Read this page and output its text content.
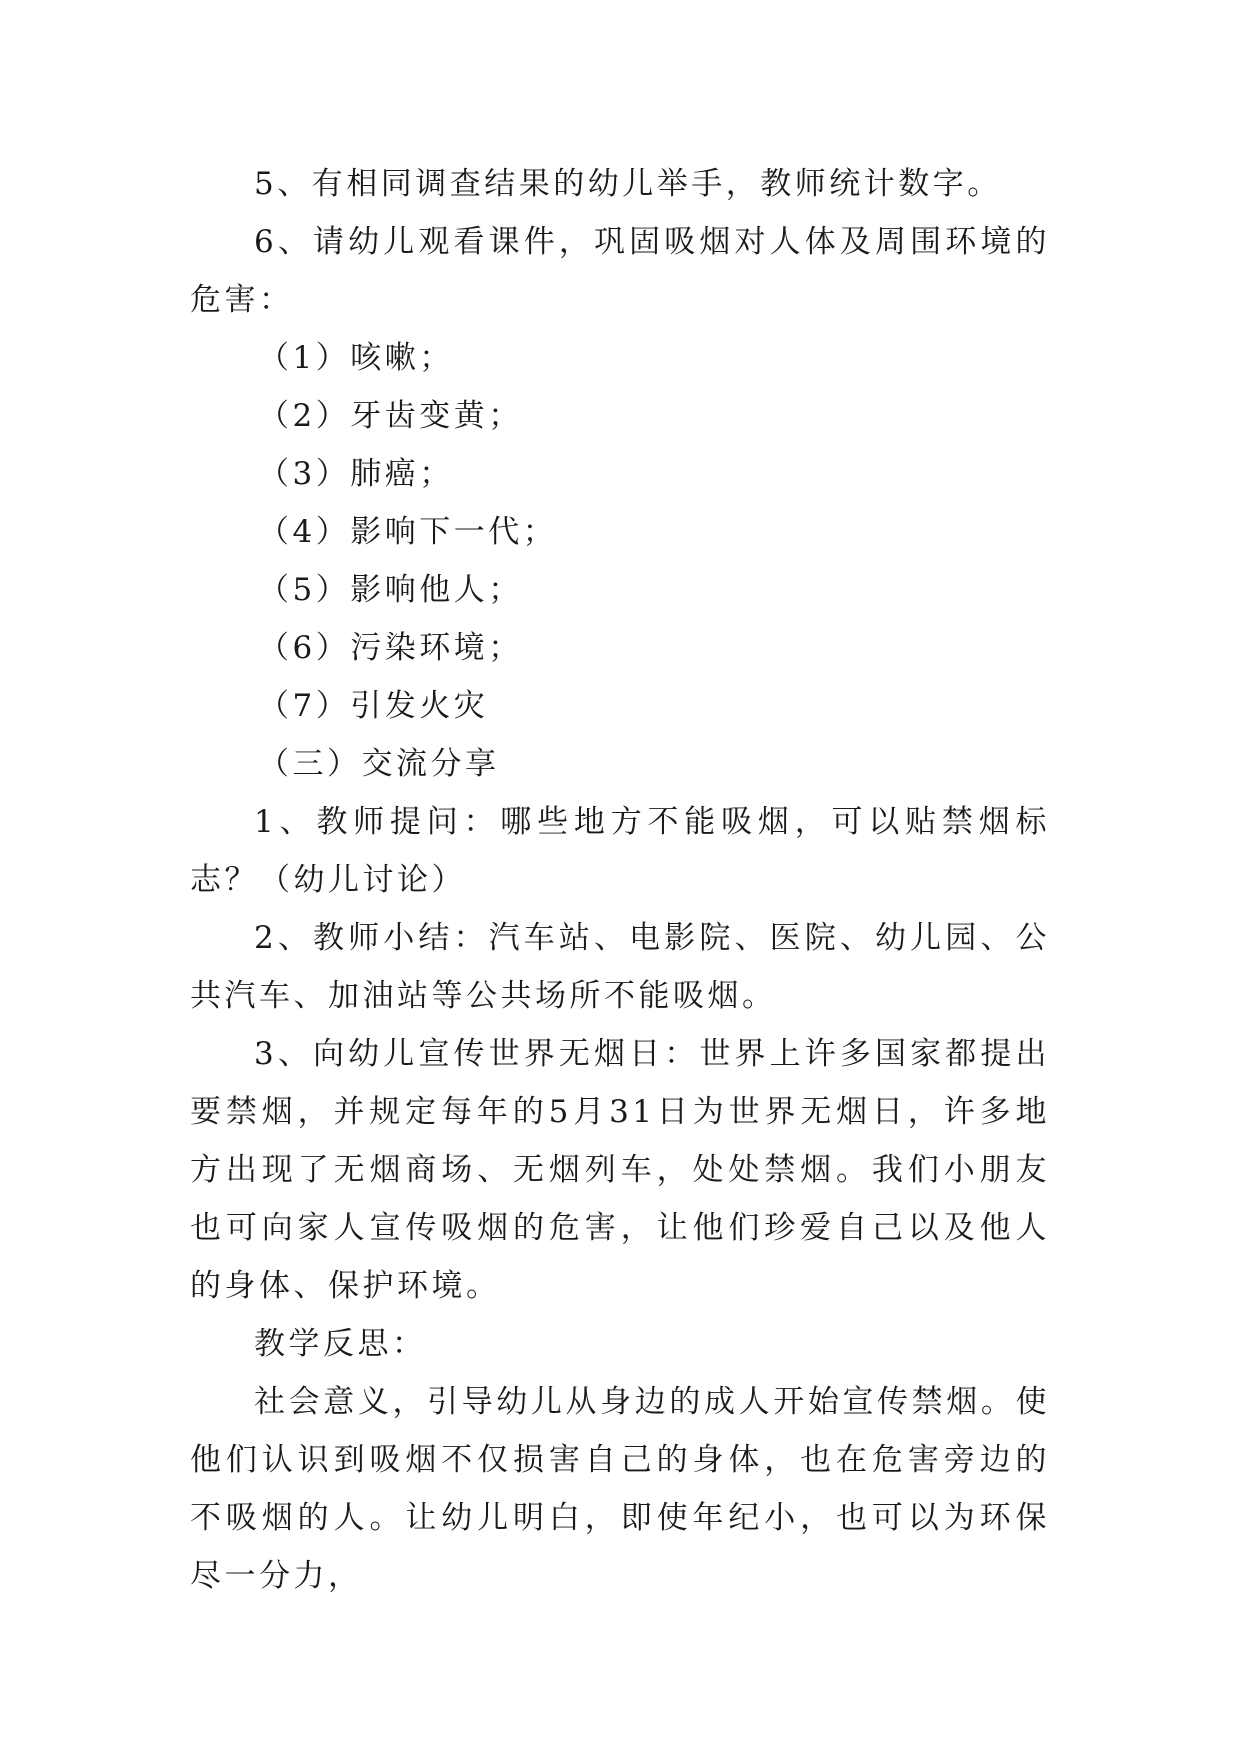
5、有相同调查结果的幼儿举手，教师统计数字。

6、请幼儿观看课件，巩固吸烟对人体及周围环境的危害：

（1）咳嗽；

（2）牙齿变黄；

（3）肺癌；

（4）影响下一代；

（5）影响他人；

（6）污染环境；

（7）引发火灾

（三）交流分享

1、教师提问：哪些地方不能吸烟，可以贴禁烟标志？（幼儿讨论）

2、教师小结：汽车站、电影院、医院、幼儿园、公共汽车、加油站等公共场所不能吸烟。

3、向幼儿宣传世界无烟日：世界上许多国家都提出要禁烟，并规定每年的5月31日为世界无烟日，许多地方出现了无烟商场、无烟列车，处处禁烟。我们小朋友也可向家人宣传吸烟的危害，让他们珍爱自己以及他人的身体、保护环境。

教学反思：

社会意义，引导幼儿从身边的成人开始宣传禁烟。使他们认识到吸烟不仅损害自己的身体，也在危害旁边的不吸烟的人。让幼儿明白，即使年纪小，也可以为环保尽一分力，
